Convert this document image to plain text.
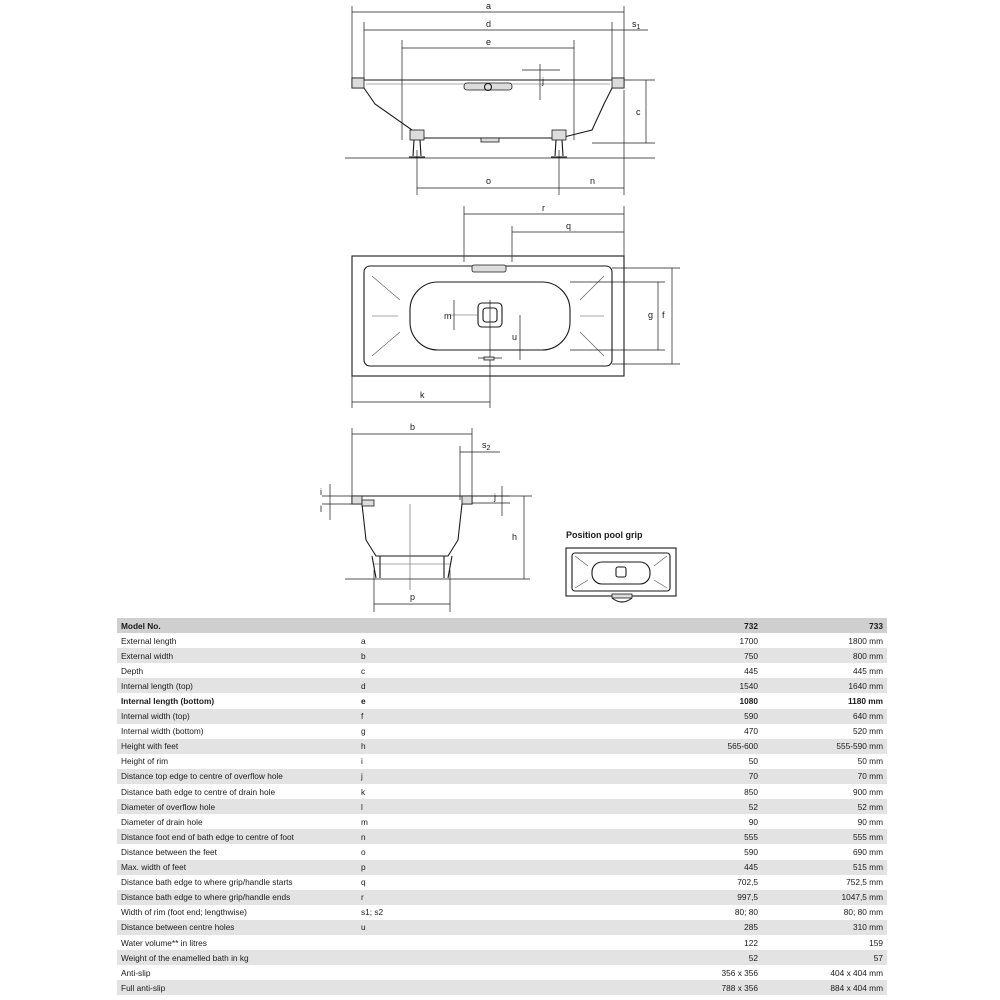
a
d	$s_1$
e
j
c
o	n
r
q
m
u
g f
k
b
$s_2$
i
l
j
h
p
Position pool grip
Model No.		732	733
External length	a	1700	1800 mm
External width	b	750	800 mm
Depth	c	445	445 mm
Internal length (top)	d	1540	1640 mm
Internal length (bottom)	e	1080	1180 mm
Internal width (top)	f	590	640 mm
Internal width (bottom)	g	470	520 mm
Height with feet	h	565-600	555-590 mm
Height of rim	i	50	50 mm
Distance top edge to centre of overflow hole	j	70	70 mm
Distance bath edge to centre of drain hole	k	850	900 mm
Diameter of overflow hole	l	52	52 mm
Diameter of drain hole	m	90	90 mm
Distance foot end of bath edge to centre of foot	n	555	555 mm
Distance between the feet	o	590	690 mm
Max. width of feet	p	445	515 mm
Distance bath edge to where grip/handle starts	q	702,5	752,5 mm
Distance bath edge to where grip/handle ends	r	997,5	1047,5 mm
Width of rim (foot end; lengthwise)	s1; s2	80; 80	80; 80 mm
Distance between centre holes	u	285	310 mm
Water volume** in litres		122	159
Weight of the enamelled bath in kg		52	57
Anti-slip		356 x 356	404 x 404 mm
Full anti-slip		788 x 356	884 x 404 mm
